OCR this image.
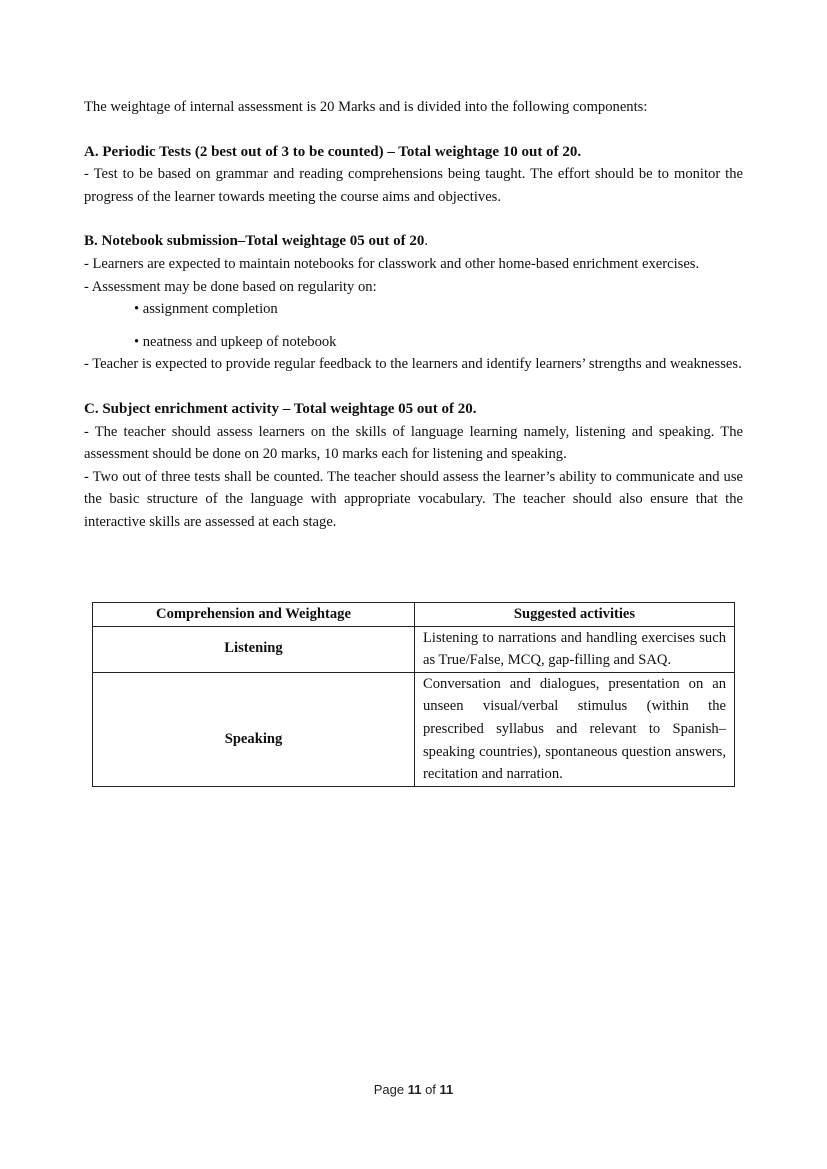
The weightage of internal assessment is 20 Marks and is divided into the following components:

A. Periodic Tests (2 best out of 3 to be counted) – Total weightage 10 out of 20.

- Test to be based on grammar and reading comprehensions being taught. The effort should be to monitor the progress of the learner towards meeting the course aims and objectives.

B. Notebook submission–Total weightage 05 out of 20.

- Learners are expected to maintain notebooks for classwork and other home-based enrichment exercises.

- Assessment may be done based on regularity on:

• assignment completion
• neatness and upkeep of notebook

- Teacher is expected to provide regular feedback to the learners and identify learners’ strengths and weaknesses.

C. Subject enrichment activity – Total weightage 05 out of 20.

- The teacher should assess learners on the skills of language learning namely, listening and speaking. The assessment should be done on 20 marks, 10 marks each for listening and speaking.

- Two out of three tests shall be counted. The teacher should assess the learner’s ability to communicate and use the basic structure of the language with appropriate vocabulary. The teacher should also ensure that the interactive skills are assessed at each stage.

Comprehension and Weightage	Suggested activities
Listening	Listening to narrations and handling exercises such as True/False, MCQ, gap-filling and SAQ.
Speaking	Conversation and dialogues, presentation on an unseen visual/verbal stimulus (within the prescribed syllabus and relevant to Spanish–speaking countries), spontaneous question answers, recitation and narration.
Page 11 of 11
